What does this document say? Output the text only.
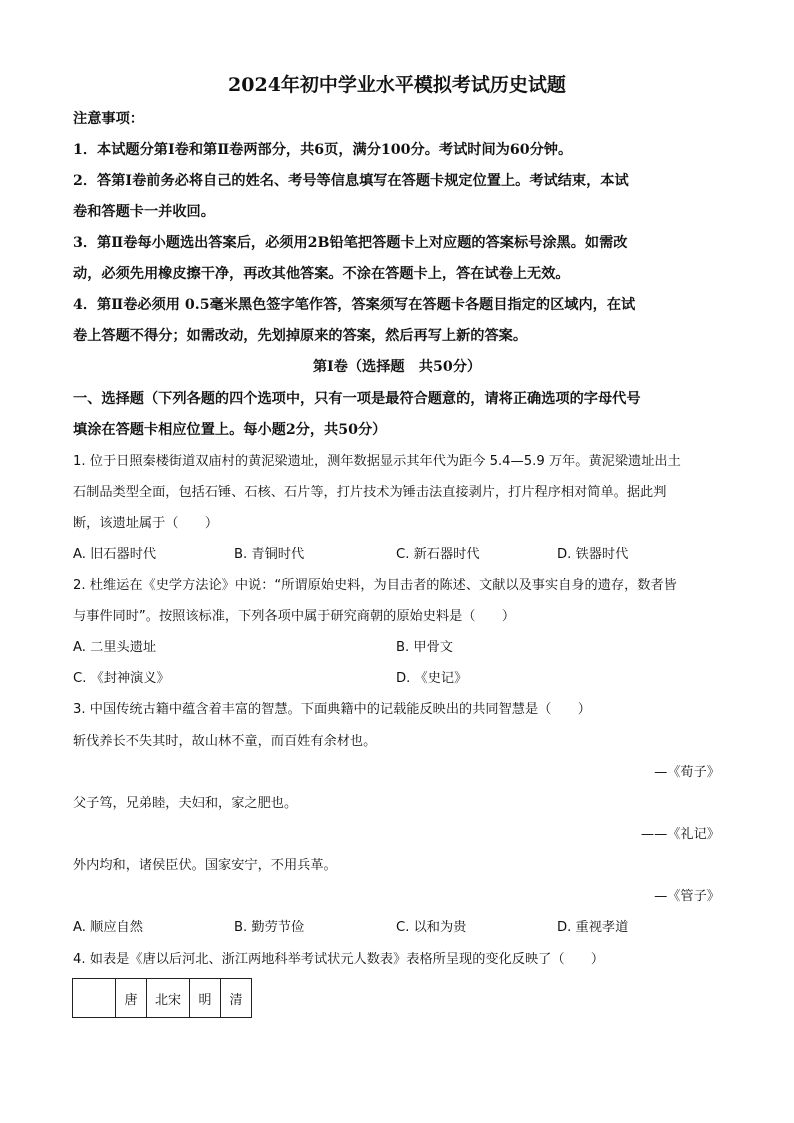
2024年初中学业水平模拟考试历史试题
注意事项：
1．本试题分第Ⅰ卷和第Ⅱ卷两部分，共6页，满分100分。考试时间为60分钟。
2．答第Ⅰ卷前务必将自己的姓名、考号等信息填写在答题卡规定位置上。考试结束，本试
卷和答题卡一并收回。
3．第Ⅱ卷每小题选出答案后，必须用2B铅笔把答题卡上对应题的答案标号涂黑。如需改
动，必须先用橡皮擦干净，再改其他答案。不涂在答题卡上，答在试卷上无效。
4．第Ⅱ卷必须用 0.5毫米黑色签字笔作答，答案须写在答题卡各题目指定的区域内，在试
卷上答题不得分；如需改动，先划掉原来的答案，然后再写上新的答案。
第Ⅰ卷（选择题　共50分）
一、选择题（下列各题的四个选项中，只有一项是最符合题意的，请将正确选项的字母代号
填涂在答题卡相应位置上。每小题2分，共50分）
1. 位于日照秦楼街道双庙村的黄泥梁遗址，测年数据显示其年代为距今 5.4—5.9 万年。黄泥梁遗址出土
石制品类型全面，包括石锤、石核、石片等，打片技术为锤击法直接剥片，打片程序相对简单。据此判
断，该遗址属于（　　）
A. 旧石器时代	B. 青铜时代	C. 新石器时代	D. 铁器时代
2. 杜维运在《史学方法论》中说：“所谓原始史料，为目击者的陈述、文献以及事实自身的遗存，数者皆
与事件同时”。按照该标准，下列各项中属于研究商朝的原始史料是（　　）
A. 二里头遗址	B. 甲骨文
C. 《封神演义》	D. 《史记》
3. 中国传统古籍中蕴含着丰富的智慧。下面典籍中的记载能反映出的共同智慧是（　　）
斩伐养长不失其时，故山林不童，而百姓有余材也。
—《荀子》
父子笃，兄弟睦，夫妇和，家之肥也。
——《礼记》
外内均和，诸侯臣伏。国家安宁，不用兵革。
—《管子》
A. 顺应自然	B. 勤劳节俭	C. 以和为贵	D. 重视孝道
4. 如表是《唐以后河北、浙江两地科举考试状元人数表》表格所呈现的变化反映了（　　）
	唐	北宋	明	清
